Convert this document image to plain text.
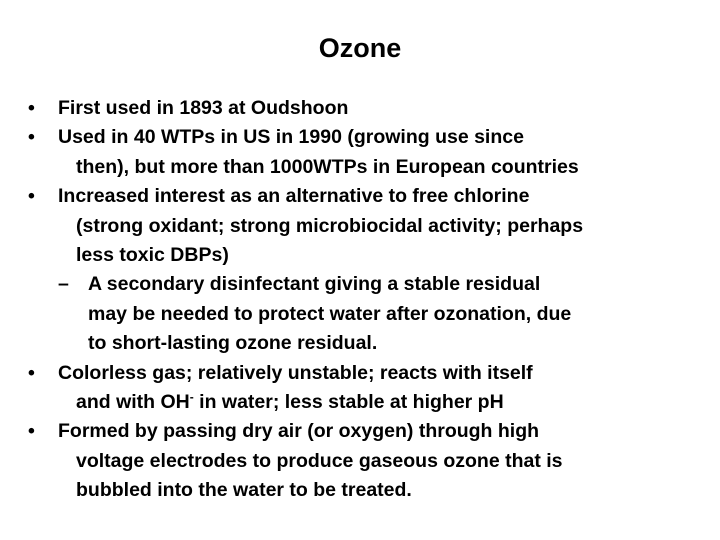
Ozone
• First used in 1893 at Oudshoon
• Used in 40 WTPs in US in 1990 (growing use since
then), but more than 1000WTPs in European countries
• Increased interest as an alternative to free chlorine
(strong oxidant; strong microbiocidal activity; perhaps
less toxic DBPs)
– A secondary disinfectant giving a stable residual
may be needed to protect water after ozonation, due
to short-lasting ozone residual.
• Colorless gas; relatively unstable; reacts with itself
and with OH- in water; less stable at higher pH
• Formed by passing dry air (or oxygen) through high
voltage electrodes to produce gaseous ozone that is
bubbled into the water to be treated.
